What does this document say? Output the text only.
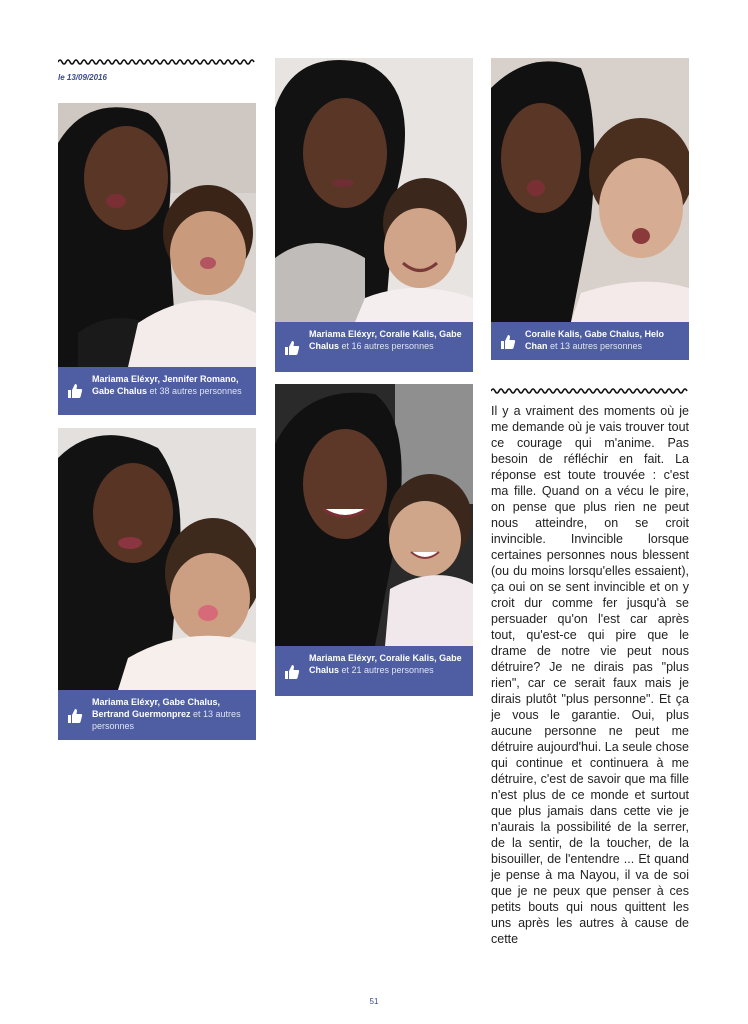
le 13/09/2016
Mariama Eléxyr, Jennifer Romano, Gabe Chalus et 38 autres personnes
Mariama Eléxyr, Gabe Chalus, Bertrand Guermonprez et 13 autres personnes
Mariama Eléxyr, Coralie Kalis, Gabe Chalus et 16 autres personnes
Mariama Eléxyr, Coralie Kalis, Gabe Chalus et 21 autres personnes
Coralie Kalis, Gabe Chalus, Helo Chan et 13 autres personnes
Il y a vraiment des moments où je me demande où je vais trouver tout ce courage qui m'anime. Pas besoin de réfléchir en fait. La réponse est toute trouvée : c'est ma fille. Quand on a vécu le pire, on pense que plus rien ne peut nous atteindre, on se croit invincible. Invincible lorsque certaines personnes nous blessent (ou du moins lorsqu'elles essaient), ça oui on se sent invincible et on y croit dur comme fer jusqu'à se persuader qu'on l'est car après tout, qu'est-ce qui pire que le drame de notre vie peut nous détruire? Je ne dirais pas "plus rien", car ce serait faux mais je dirais plutôt "plus personne". Et ça je vous le garantie. Oui, plus aucune personne ne peut me détruire aujourd'hui. La seule chose qui continue et continuera à me détruire, c'est de savoir que ma fille n'est plus de ce monde et surtout que plus jamais dans cette vie je n'aurais la possibilité de la serrer, de la sentir, de la toucher, de la bisouiller, de l'entendre ... Et quand je pense à ma Nayou, il va de soi que je ne peux que penser à ces petits bouts qui nous quittent les uns après les autres à cause de cette
51
